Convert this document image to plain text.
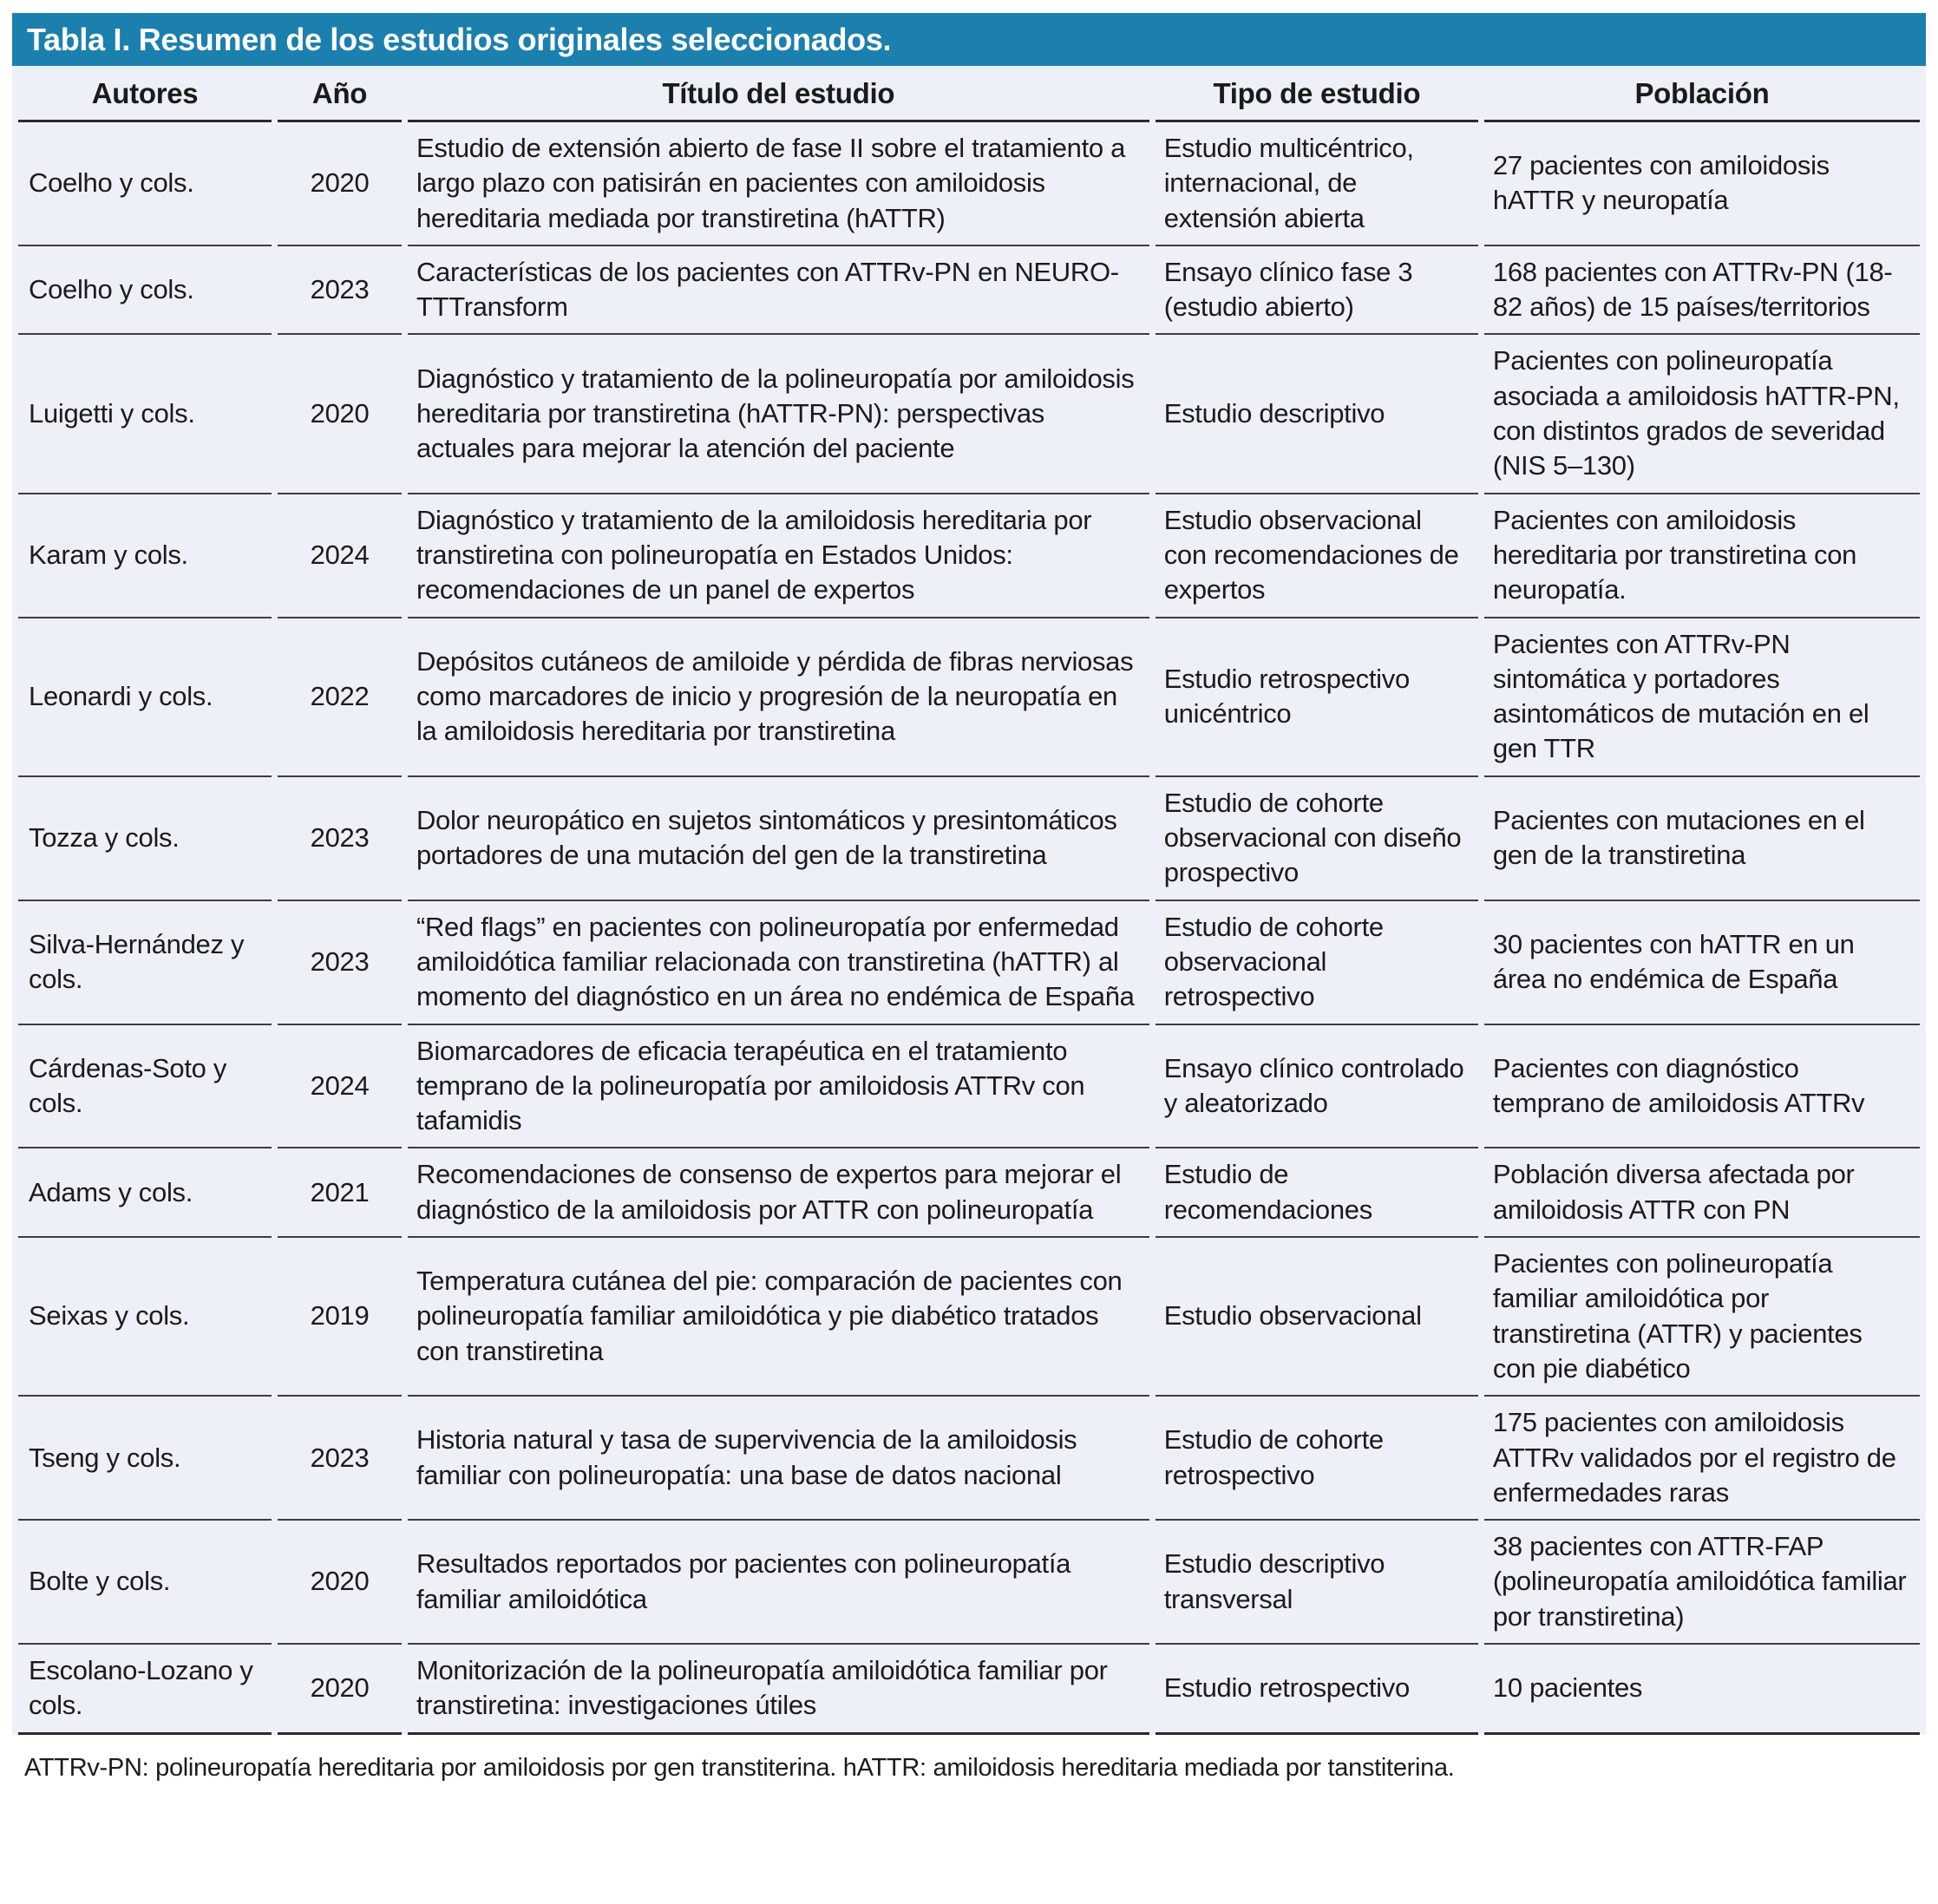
Tabla I. Resumen de los estudios originales seleccionados.
Autores	Año	Título del estudio	Tipo de estudio	Población
Coelho y cols.	2020	Estudio de extensión abierto de fase II sobre el tratamiento a largo plazo con patisirán en pacientes con amiloidosis hereditaria mediada por transtiretina (hATTR)	Estudio multicéntrico, internacional, de extensión abierta	27 pacientes con amiloidosis hATTR y neuropatía
Coelho y cols.	2023	Características de los pacientes con ATTRv-PN en NEURO-TTTransform	Ensayo clínico fase 3 (estudio abierto)	168 pacientes con ATTRv-PN (18-82 años) de 15 países/territorios
Luigetti y cols.	2020	Diagnóstico y tratamiento de la polineuropatía por amiloidosis hereditaria por transtiretina (hATTR-PN): perspectivas actuales para mejorar la atención del paciente	Estudio descriptivo	Pacientes con polineuropatía asociada a amiloidosis hATTR-PN, con distintos grados de severidad (NIS 5–130)
Karam y cols.	2024	Diagnóstico y tratamiento de la amiloidosis hereditaria por transtiretina con polineuropatía en Estados Unidos: recomendaciones de un panel de expertos	Estudio observacional con recomendaciones de expertos	Pacientes con amiloidosis hereditaria por transtiretina con neuropatía.
Leonardi y cols.	2022	Depósitos cutáneos de amiloide y pérdida de fibras nerviosas como marcadores de inicio y progresión de la neuropatía en la amiloidosis hereditaria por transtiretina	Estudio retrospectivo unicéntrico	Pacientes con ATTRv-PN sintomática y portadores asintomáticos de mutación en el gen TTR
Tozza y cols.	2023	Dolor neuropático en sujetos sintomáticos y presintomáticos portadores de una mutación del gen de la transtiretina	Estudio de cohorte observacional con diseño prospectivo	Pacientes con mutaciones en el gen de la transtiretina
Silva-Hernández y cols.	2023	“Red flags” en pacientes con polineuropatía por enfermedad amiloidótica familiar relacionada con transtiretina (hATTR) al momento del diagnóstico en un área no endémica de España	Estudio de cohorte observacional retrospectivo	30 pacientes con hATTR en un área no endémica de España
Cárdenas-Soto y cols.	2024	Biomarcadores de eficacia terapéutica en el tratamiento temprano de la polineuropatía por amiloidosis ATTRv con tafamidis	Ensayo clínico controlado y aleatorizado	Pacientes con diagnóstico temprano de amiloidosis ATTRv
Adams y cols.	2021	Recomendaciones de consenso de expertos para mejorar el diagnóstico de la amiloidosis por ATTR con polineuropatía	Estudio de recomendaciones	Población diversa afectada por amiloidosis ATTR con PN
Seixas y cols.	2019	Temperatura cutánea del pie: comparación de pacientes con polineuropatía familiar amiloidótica y pie diabético tratados con transtiretina	Estudio observacional	Pacientes con polineuropatía familiar amiloidótica por transtiretina (ATTR) y pacientes con pie diabético
Tseng y cols.	2023	Historia natural y tasa de supervivencia de la amiloidosis familiar con polineuropatía: una base de datos nacional	Estudio de cohorte retrospectivo	175 pacientes con amiloidosis ATTRv validados por el registro de enfermedades raras
Bolte y cols.	2020	Resultados reportados por pacientes con polineuropatía familiar amiloidótica	Estudio descriptivo transversal	38 pacientes con ATTR-FAP (polineuropatía amiloidótica familiar por transtiretina)
Escolano-Lozano y cols.	2020	Monitorización de la polineuropatía amiloidótica familiar por transtiretina: investigaciones útiles	Estudio retrospectivo	10 pacientes
ATTRv-PN: polineuropatía hereditaria por amiloidosis por gen transtiterina. hATTR: amiloidosis hereditaria mediada por tanstiterina.
